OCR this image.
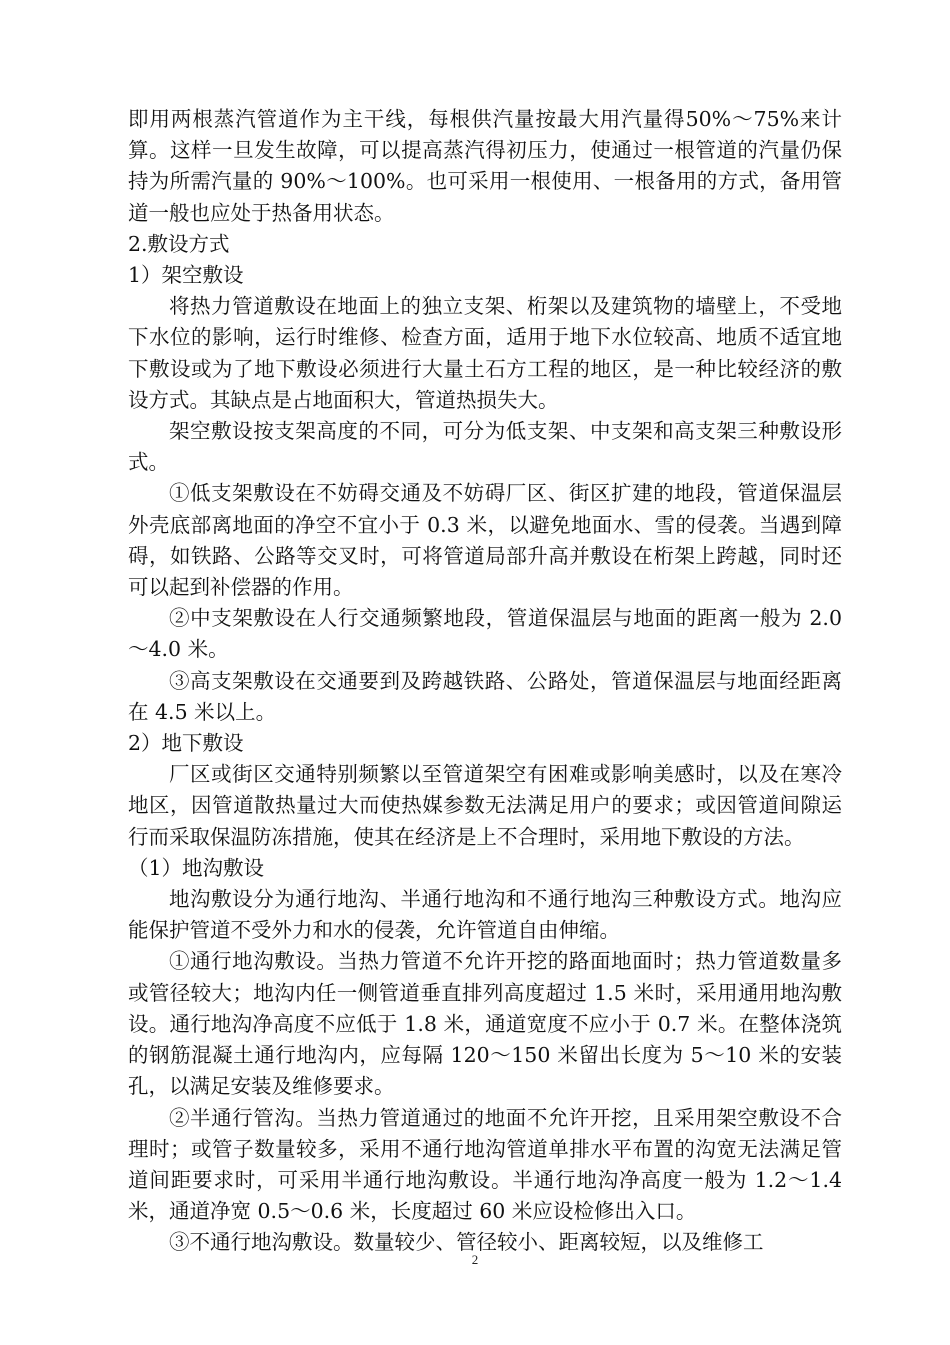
即用两根蒸汽管道作为主干线，每根供汽量按最大用汽量得50%～75%来计算。这样一旦发生故障，可以提高蒸汽得初压力，使通过一根管道的汽量仍保持为所需汽量的 90%～100%。也可采用一根使用、一根备用的方式，备用管道一般也应处于热备用状态。

2.敷设方式

1）架空敷设

将热力管道敷设在地面上的独立支架、桁架以及建筑物的墙壁上，不受地下水位的影响，运行时维修、检查方面，适用于地下水位较高、地质不适宜地下敷设或为了地下敷设必须进行大量土石方工程的地区，是一种比较经济的敷设方式。其缺点是占地面积大，管道热损失大。

架空敷设按支架高度的不同，可分为低支架、中支架和高支架三种敷设形式。

①低支架敷设在不妨碍交通及不妨碍厂区、街区扩建的地段，管道保温层外壳底部离地面的净空不宜小于 0.3 米，以避免地面水、雪的侵袭。当遇到障碍，如铁路、公路等交叉时，可将管道局部升高并敷设在桁架上跨越，同时还可以起到补偿器的作用。

②中支架敷设在人行交通频繁地段，管道保温层与地面的距离一般为 2.0～4.0 米。

③高支架敷设在交通要到及跨越铁路、公路处，管道保温层与地面经距离在 4.5 米以上。

2）地下敷设

厂区或街区交通特别频繁以至管道架空有困难或影响美感时，以及在寒冷地区，因管道散热量过大而使热媒参数无法满足用户的要求；或因管道间隙运行而采取保温防冻措施，使其在经济是上不合理时，采用地下敷设的方法。

（1）地沟敷设

地沟敷设分为通行地沟、半通行地沟和不通行地沟三种敷设方式。地沟应能保护管道不受外力和水的侵袭，允许管道自由伸缩。

①通行地沟敷设。当热力管道不允许开挖的路面地面时；热力管道数量多或管径较大；地沟内任一侧管道垂直排列高度超过 1.5 米时，采用通用地沟敷设。通行地沟净高度不应低于 1.8 米，通道宽度不应小于 0.7 米。在整体浇筑的钢筋混凝土通行地沟内，应每隔 120～150 米留出长度为 5～10 米的安装孔，以满足安装及维修要求。

②半通行管沟。当热力管道通过的地面不允许开挖，且采用架空敷设不合理时；或管子数量较多，采用不通行地沟管道单排水平布置的沟宽无法满足管道间距要求时，可采用半通行地沟敷设。半通行地沟净高度一般为 1.2～1.4 米，通道净宽 0.5～0.6 米，长度超过 60 米应设检修出入口。

③不通行地沟敷设。数量较少、管径较小、距离较短，以及维修工

2
